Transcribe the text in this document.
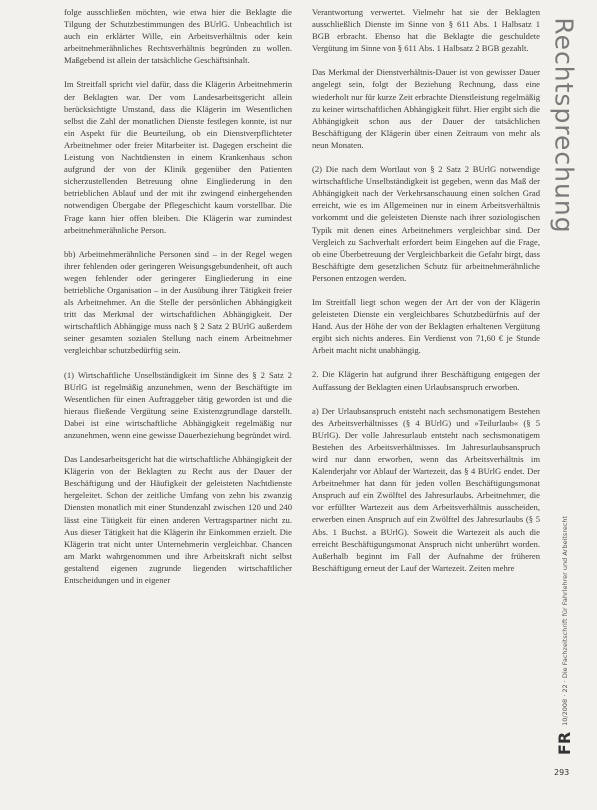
folge ausschließen möchten, wie etwa hier die Beklagte die Tilgung der Schutzbestimmungen des BUrlG. Unbeachtlich ist auch ein erklärter Wille, ein Arbeitsverhältnis oder kein arbeitnehmerähnliches Rechtsverhältnis begründen zu wollen. Maßgebend ist allein der tatsächliche Geschäftsinhalt.

Im Streitfall spricht viel dafür, dass die Klägerin Arbeitnehmerin der Beklagten war. Der vom Landesarbeitsgericht allein berücksichtigte Umstand, dass die Klägerin im Wesentlichen selbst die Zahl der monatlichen Dienste festlegen konnte, ist nur ein Aspekt für die Beurteilung, ob ein Dienstverpflichteter Arbeitnehmer oder freier Mitarbeiter ist. Dagegen erscheint die Leistung von Nachtdiensten in einem Krankenhaus schon aufgrund der von der Klinik gegenüber den Patienten sicherzustellenden Betreuung ohne Eingliederung in den betrieblichen Ablauf und der mit ihr zwingend einhergehenden notwendigen Übergabe der Pflegeschicht kaum vorstellbar. Die Frage kann hier offen bleiben. Die Klägerin war zumindest arbeitnehmerähnliche Person.

bb) Arbeitnehmerähnliche Personen sind – in der Regel wegen ihrer fehlenden oder geringeren Weisungsgebundenheit, oft auch wegen fehlender oder geringerer Eingliederung in eine betriebliche Organisation – in der Ausübung ihrer Tätigkeit freier als Arbeitnehmer. An die Stelle der persönlichen Abhängigkeit tritt das Merkmal der wirtschaftlichen Abhängigkeit. Der wirtschaftlich Abhängige muss nach § 2 Satz 2 BUrlG außerdem seiner gesamten sozialen Stellung nach einem Arbeitnehmer vergleichbar schutzbedürftig sein.

(1) Wirtschaftliche Unselbständigkeit im Sinne des § 2 Satz 2 BUrlG ist regelmäßig anzunehmen, wenn der Beschäftigte im Wesentlichen für einen Auftraggeber tätig geworden ist und die hieraus fließende Vergütung seine Existenzgrundlage darstellt. Dabei ist eine wirtschaftliche Abhängigkeit regelmäßig nur anzunehmen, wenn eine gewisse Dauerbeziehung begründet wird.

Das Landesarbeitsgericht hat die wirtschaftliche Abhängigkeit der Klägerin von der Beklagten zu Recht aus der Dauer der Beschäftigung und der Häufigkeit der geleisteten Nachtdienste hergeleitet. Schon der zeitliche Umfang von zehn bis zwanzig Diensten monatlich mit einer Stundenzahl zwischen 120 und 240 lässt eine Tätigkeit für einen anderen Vertragspartner nicht zu. Aus dieser Tätigkeit hat die Klägerin ihr Einkommen erzielt. Die Klägerin trat nicht unter Unternehmerin vergleichbar. Chancen am Markt wahrgenommen und ihre Arbeitskraft nicht selbst gestaltend eigenen zugrunde liegenden wirtschaftlicher Entscheidungen und in eigener

Verantwortung verwertet. Vielmehr hat sie der Beklagten ausschließlich Dienste im Sinne von § 611 Abs. 1 Halbsatz 1 BGB erbracht. Ebenso hat die Beklagte die geschuldete Vergütung im Sinne von § 611 Abs. 1 Halbsatz 2 BGB gezahlt.

Das Merkmal der Dienstverhältnis-Dauer ist von gewisser Dauer angelegt sein, folgt der Beziehung Rechnung, dass eine wiederholt nur für kurze Zeit erbrachte Dienstleistung regelmäßig zu keiner wirtschaftlichen Abhängigkeit führt. Hier ergibt sich die Abhängigkeit schon aus der Dauer der tatsächlichen Beschäftigung der Klägerin über einen Zeitraum von mehr als neun Monaten.

(2) Die nach dem Wortlaut von § 2 Satz 2 BUrlG notwendige wirtschaftliche Unselbständigkeit ist gegeben, wenn das Maß der Abhängigkeit nach der Verkehrsanschauung einen solchen Grad erreicht, wie es im Allgemeinen nur in einem Arbeitsverhältnis vorkommt und die geleisteten Dienste nach ihrer soziologischen Typik mit denen eines Arbeitnehmers vergleichbar sind. Der Vergleich zu Sachverhalt erfordert beim Eingehen auf die Frage, ob eine Überbetreuung der Vergleichbarkeit die Gefahr birgt, dass Beschäftigte dem gesetzlichen Schutz für arbeitnehmerähnliche Personen entzogen werden.

Im Streitfall liegt schon wegen der Art der von der Klägerin geleisteten Dienste ein vergleichbares Schutzbedürfnis auf der Hand. Aus der Höhe der von der Beklagten erhaltenen Vergütung ergibt sich nichts anderes. Ein Verdienst von 71,60 € je Stunde Arbeit macht nicht unabhängig.

2. Die Klägerin hat aufgrund ihrer Beschäftigung entgegen der Auffassung der Beklagten einen Urlaubsanspruch erworben.

a) Der Urlaubsanspruch entsteht nach sechsmonatigem Bestehen des Arbeitsverhältnisses (§ 4 BUrlG) und »Teilurlaub« (§ 5 BUrlG). Der volle Jahresurlaub entsteht nach sechsmonatigem Bestehen des Arbeitsverhältnisses. Im Jahresurlaubsanspruch wird nur dann erworben, wenn das Arbeitsverhältnis im Kalenderjahr vor Ablauf der Wartezeit, das § 4 BUrlG endet. Der Arbeitnehmer hat dann für jeden vollen Beschäftigungsmonat Anspruch auf ein Zwölftel des Jahresurlaubs. Arbeitnehmer, die vor erfüllter Wartezeit aus dem Arbeitsverhältnis ausscheiden, erwerben einen Anspruch auf ein Zwölftel des Jahresurlaubs (§ 5 Abs. 1 Buchst. a BUrlG). Soweit die Wartezeit als auch die erreicht Beschäftigungsmonat Anspruch nicht unberührt worden. Außerhalb beginnt im Fall der Aufnahme der früheren Beschäftigung erneut der Lauf der Wartezeit. Zeiten mehre

Rechtsprechung
FR
10/2008 · 22 · Die Fachzeitschrift für Fahrlehrer und Arbeitsrecht
293
